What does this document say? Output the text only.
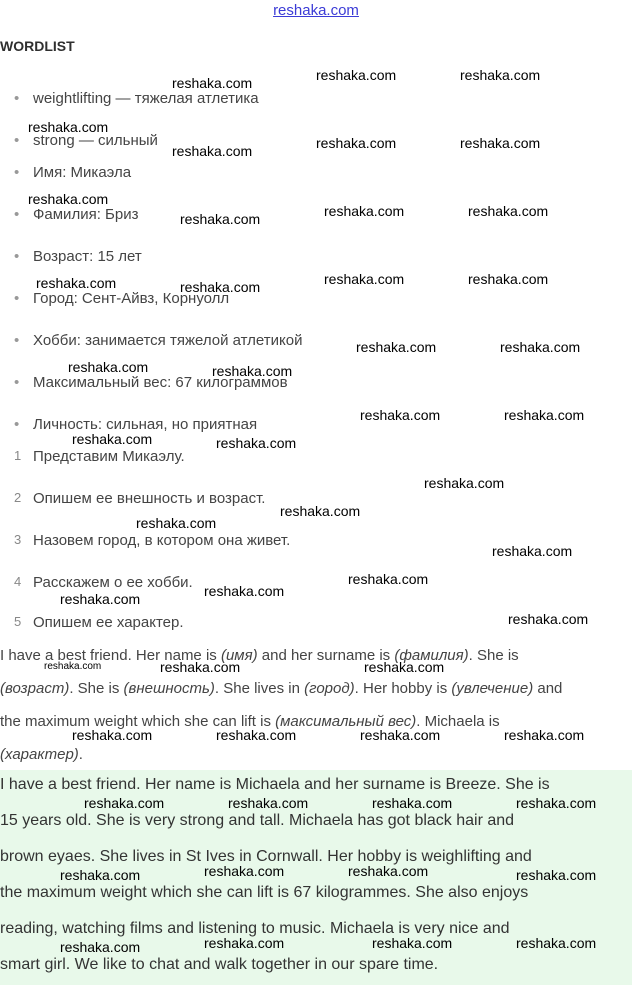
reshaka.com
WORDLIST
• weightlifting — тяжелая атлетика
• strong — сильный
• Имя: Микаэла
• Фамилия: Бриз
• Возраст: 15 лет
• Город: Сент-Айвз, Корнуолл
• Хобби: занимается тяжелой атлетикой
• Максимальный вес: 67 килограммов
• Личность: сильная, но приятная
1 Представим Микаэлу.
2 Опишем ее внешность и возраст.
3 Назовем город, в котором она живет.
4 Расскажем о ее хобби.
5 Опишем ее характер.
I have a best friend. Her name is (имя) and her surname is (фамилия). She is
(возраст). She is (внешность). She lives in (город). Her hobby is (увлечение) and
the maximum weight which she can lift is (максимальный вес). Michaela is
(характер).
I have a best friend. Her name is Michaela and her surname is Breeze. She is
15 years old. She is very strong and tall. Michaela has got black hair and
brown eyaes. She lives in St Ives in Cornwall. Her hobby is weighlifting and
the maximum weight which she can lift is 67 kilogrammes. She also enjoys
reading, watching films and listening to music. Michaela is very nice and
smart girl. We like to chat and walk together in our spare time.
reshaka.com	reshaka.com	reshaka.com
reshaka.com
reshaka.com	reshaka.com	reshaka.com
reshaka.com
reshaka.com	reshaka.com	reshaka.com
reshaka.com	reshaka.com	reshaka.com	reshaka.com
reshaka.com	reshaka.com
reshaka.com	reshaka.com
reshaka.com	reshaka.com
reshaka.com	reshaka.com
reshaka.com
reshaka.com
reshaka.com
reshaka.com
reshaka.com
reshaka.com	reshaka.com
reshaka.com
reshaka.com	reshaka.com	reshaka.com
reshaka.com	reshaka.com	reshaka.com	reshaka.com
reshaka.com	reshaka.com	reshaka.com	reshaka.com
reshaka.com	reshaka.com	reshaka.com	reshaka.com
reshaka.com	reshaka.com	reshaka.com	reshaka.com
